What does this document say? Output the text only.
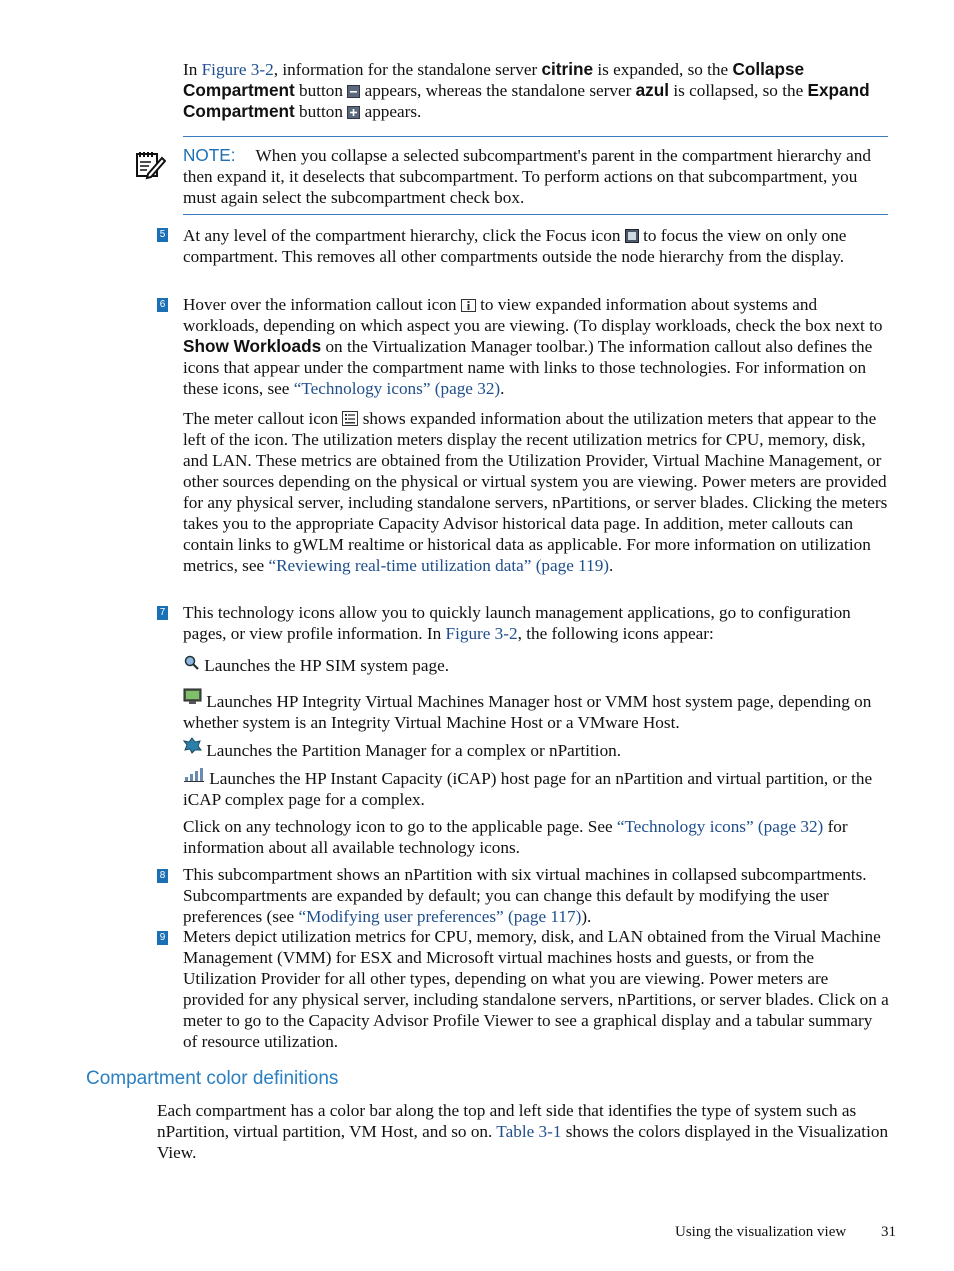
In Figure 3-2, information for the standalone server citrine is expanded, so the Collapse Compartment button  appears, whereas the standalone server azul is collapsed, so the Expand Compartment button  appears.

NOTE: When you collapse a selected subcompartment's parent in the compartment hierarchy and then expand it, it deselects that subcompartment. To perform actions on that subcompartment, you must again select the subcompartment check box.

5 At any level of the compartment hierarchy, click the Focus icon  to focus the view on only one compartment. This removes all other compartments outside the node hierarchy from the display.

6 Hover over the information callout icon  to view expanded information about systems and workloads, depending on which aspect you are viewing. (To display workloads, check the box next to Show Workloads on the Virtualization Manager toolbar.) The information callout also defines the icons that appear under the compartment name with links to those technologies. For information on these icons, see “Technology icons” (page 32).

The meter callout icon  shows expanded information about the utilization meters that appear to the left of the icon. The utilization meters display the recent utilization metrics for CPU, memory, disk, and LAN. These metrics are obtained from the Utilization Provider, Virtual Machine Management, or other sources depending on the physical or virtual system you are viewing. Power meters are provided for any physical server, including standalone servers, nPartitions, or server blades. Clicking the meters takes you to the appropriate Capacity Advisor historical data page. In addition, meter callouts can contain links to gWLM realtime or historical data as applicable. For more information on utilization metrics, see “Reviewing real-time utilization data” (page 119).

7 This technology icons allow you to quickly launch management applications, go to configuration pages, or view profile information. In Figure 3-2, the following icons appear:

Launches the HP SIM system page.

Launches HP Integrity Virtual Machines Manager host or VMM host system page, depending on whether system is an Integrity Virtual Machine Host or a VMware Host.

Launches the Partition Manager for a complex or nPartition.

Launches the HP Instant Capacity (iCAP) host page for an nPartition and virtual partition, or the iCAP complex page for a complex.

Click on any technology icon to go to the applicable page. See “Technology icons” (page 32) for information about all available technology icons.

8 This subcompartment shows an nPartition with six virtual machines in collapsed subcompartments. Subcompartments are expanded by default; you can change this default by modifying the user preferences (see “Modifying user preferences” (page 117)).

9 Meters depict utilization metrics for CPU, memory, disk, and LAN obtained from the Virual Machine Management (VMM) for ESX and Microsoft virtual machines hosts and guests, or from the Utilization Provider for all other types, depending on what you are viewing. Power meters are provided for any physical server, including standalone servers, nPartitions, or server blades. Click on a meter to go to the Capacity Advisor Profile Viewer to see a graphical display and a tabular summary of resource utilization.

Compartment color definitions

Each compartment has a color bar along the top and left side that identifies the type of system such as nPartition, virtual partition, VM Host, and so on. Table 3-1 shows the colors displayed in the Visualization View.

Using the visualization view 31
